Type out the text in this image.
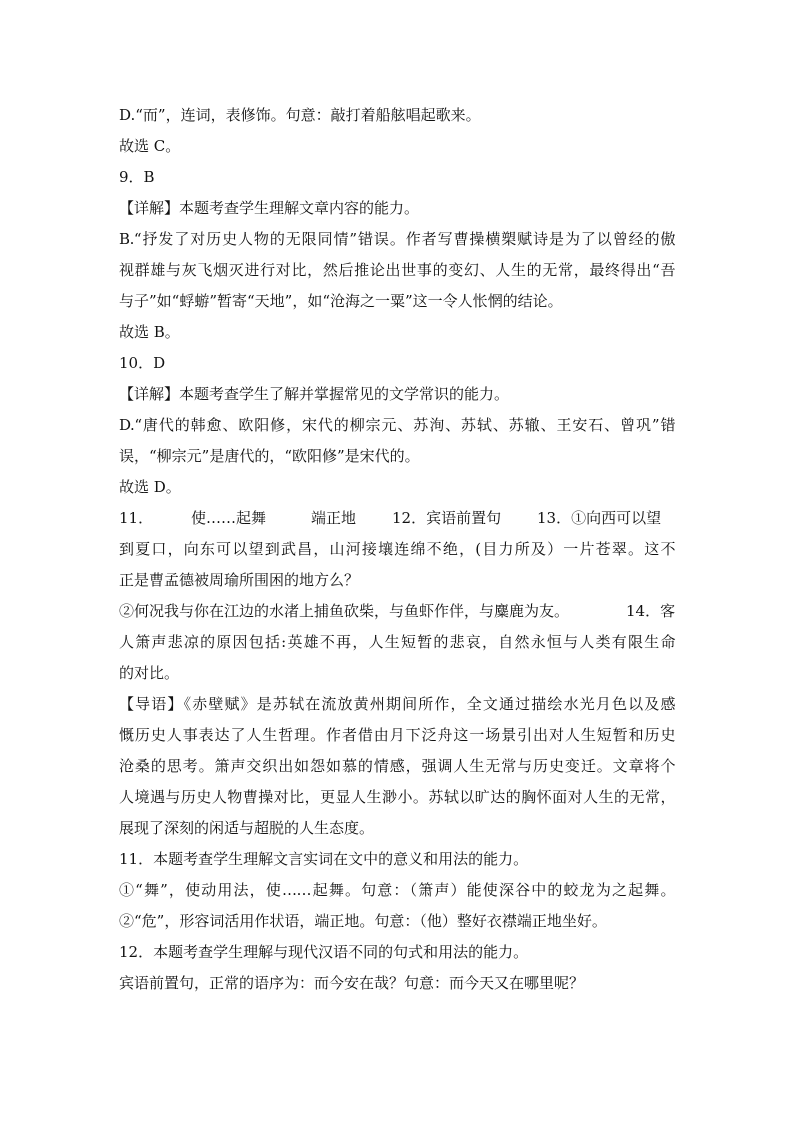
D.“而”，连词，表修饰。句意：敲打着船舷唱起歌来。
故选 C。
9．B
【详解】本题考查学生理解文章内容的能力。
B.“抒发了对历史人物的无限同情”错误。作者写曹操横槊赋诗是为了以曾经的傲
视群雄与灰飞烟灭进行对比，然后推论出世事的变幻、人生的无常，最终得出“吾
与子”如“蜉蝣”暂寄“天地”，如“沧海之一粟”这一令人怅惘的结论。
故选 B。
10．D
【详解】本题考查学生了解并掌握常见的文学常识的能力。
D.“唐代的韩愈、欧阳修，宋代的柳宗元、苏洵、苏轼、苏辙、王安石、曾巩”错
误，“柳宗元”是唐代的，“欧阳修”是宋代的。
故选 D。
11．	使……起舞	端正地 12．宾语前置句 13．①向西可以望
到夏口，向东可以望到武昌，山河接壤连绵不绝，(目力所及）一片苍翠。这不
正是曹孟德被周瑜所围困的地方么？
②何况我与你在江边的水渚上捕鱼砍柴，与鱼虾作伴，与麋鹿为友。	14．客
人箫声悲凉的原因包括:英雄不再，人生短暂的悲哀，自然永恒与人类有限生命
的对比。
【导语】《赤壁赋》是苏轼在流放黄州期间所作，全文通过描绘水光月色以及感
慨历史人事表达了人生哲理。作者借由月下泛舟这一场景引出对人生短暂和历史
沧桑的思考。箫声交织出如怨如慕的情感，强调人生无常与历史变迁。文章将个
人境遇与历史人物曹操对比，更显人生渺小。苏轼以旷达的胸怀面对人生的无常，
展现了深刻的闲适与超脱的人生态度。
11．本题考查学生理解文言实词在文中的意义和用法的能力。
①“舞”，使动用法，使……起舞。句意：（箫声）能使深谷中的蛟龙为之起舞。
②“危”，形容词活用作状语，端正地。句意：（他）整好衣襟端正地坐好。
12．本题考查学生理解与现代汉语不同的句式和用法的能力。
宾语前置句，正常的语序为：而今安在哉？句意：而今天又在哪里呢？
